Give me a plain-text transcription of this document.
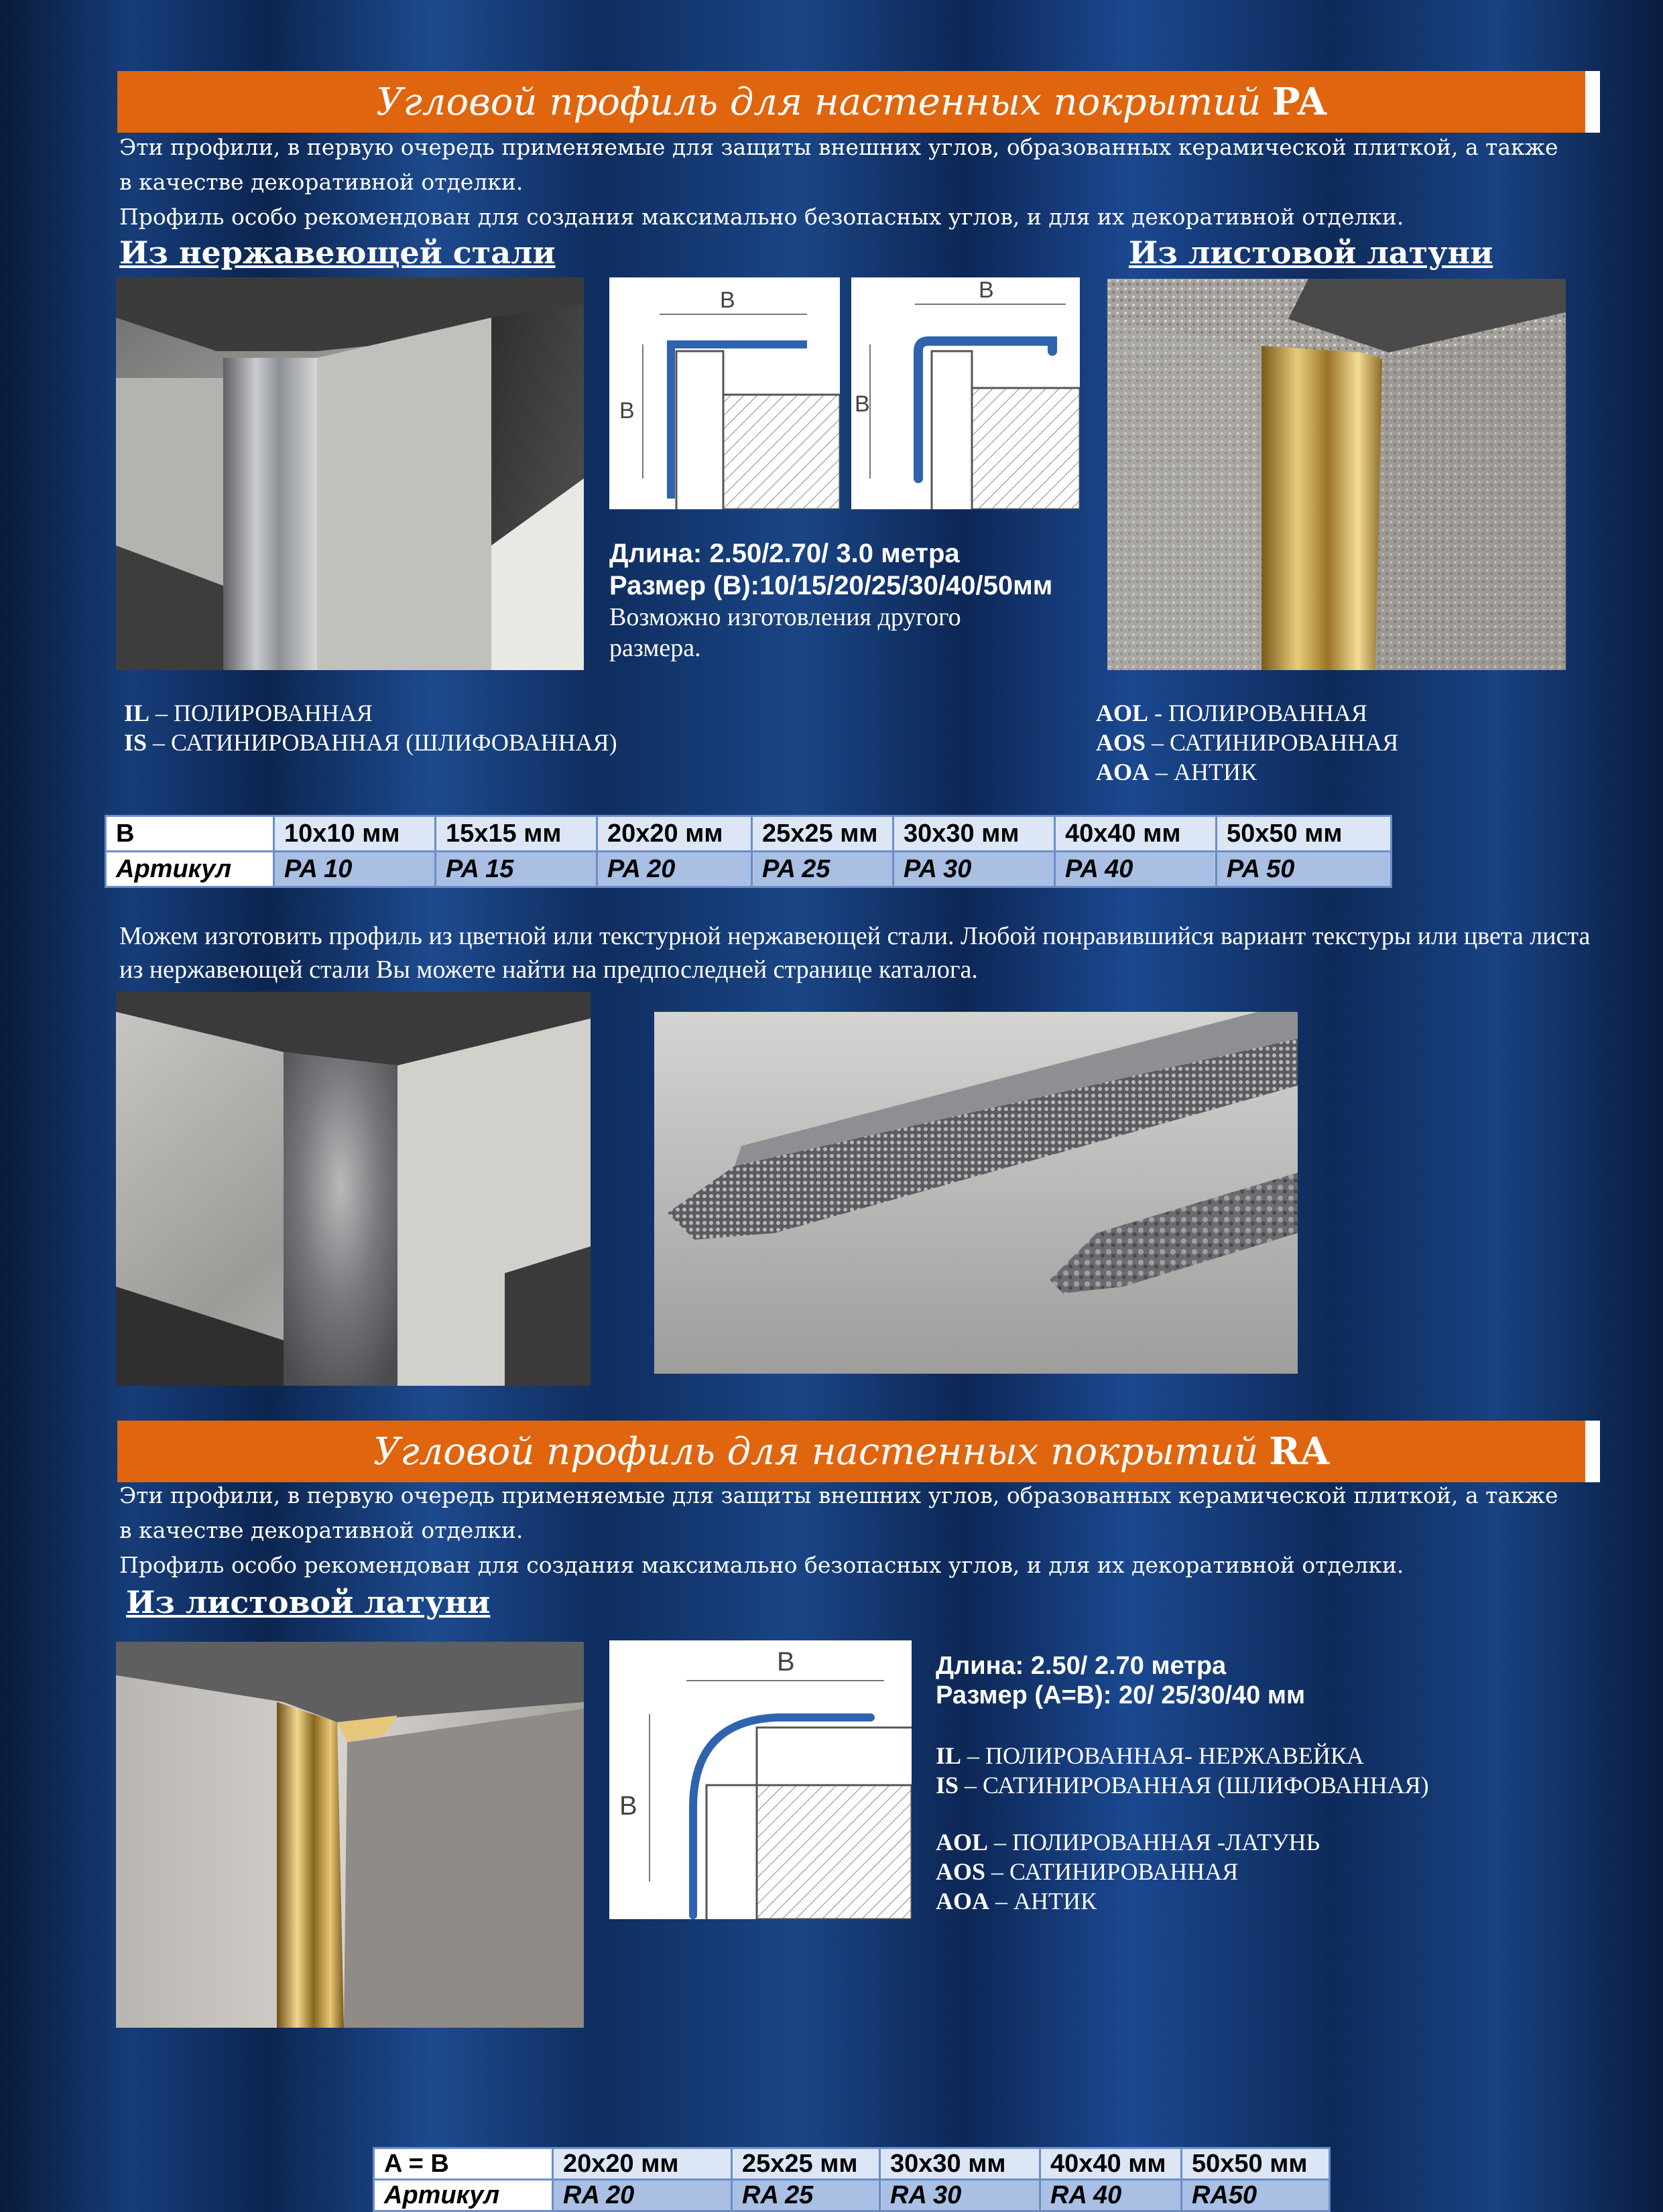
Угловой профиль для настенных покрытий PA

Эти профили, в первую очередь применяемые для защиты внешних углов, образованных керамической плиткой, а также в качестве декоративной отделки.

Профиль особо рекомендован для создания максимально безопасных углов, и для их декоративной отделки.

Из нержавеющей стали	Из листовой латуни
B
B
B
B
Длина: 2.50/2.70/ 3.0 метра
Размер (B):10/15/20/25/30/40/50мм
Возможно изготовления другого размера.
IL – ПОЛИРОВАННАЯ
IS – САТИНИРОВАННАЯ (ШЛИФОВАННАЯ)
AOL - ПОЛИРОВАННАЯ
AOS – САТИНИРОВАННАЯ
AOA – АНТИК
B	10x10 мм	15x15 мм	20x20 мм	25x25 мм	30x30 мм	40x40 мм	50x50 мм
Артикул	PA 10	PA 15	PA 20	PA 25	PA 30	PA 40	PA 50
Можем изготовить профиль из цветной или текстурной нержавеющей стали. Любой понравившийся вариант текстуры или цвета листа из нержавеющей стали Вы можете найти на предпоследней странице каталога.
Угловой профиль для настенных покрытий RA

Эти профили, в первую очередь применяемые для защиты внешних углов, образованных керамической плиткой, а также в качестве декоративной отделки.

Профиль особо рекомендован для создания максимально безопасных углов, и для их декоративной отделки.

Из листовой латуни
B
B
Длина: 2.50/ 2.70 метра
Размер (A=B): 20/ 25/30/40 мм
IL – ПОЛИРОВАННАЯ- НЕРЖАВЕЙКА
IS – САТИНИРОВАННАЯ (ШЛИФОВАННАЯ)
AOL – ПОЛИРОВАННАЯ -ЛАТУНЬ
AOS – САТИНИРОВАННАЯ
AOA – АНТИК
A = B	20x20 мм	25x25 мм	30x30 мм	40x40 мм	50x50 мм
Артикул	RA 20	RA 25	RA 30	RA 40	RA50
